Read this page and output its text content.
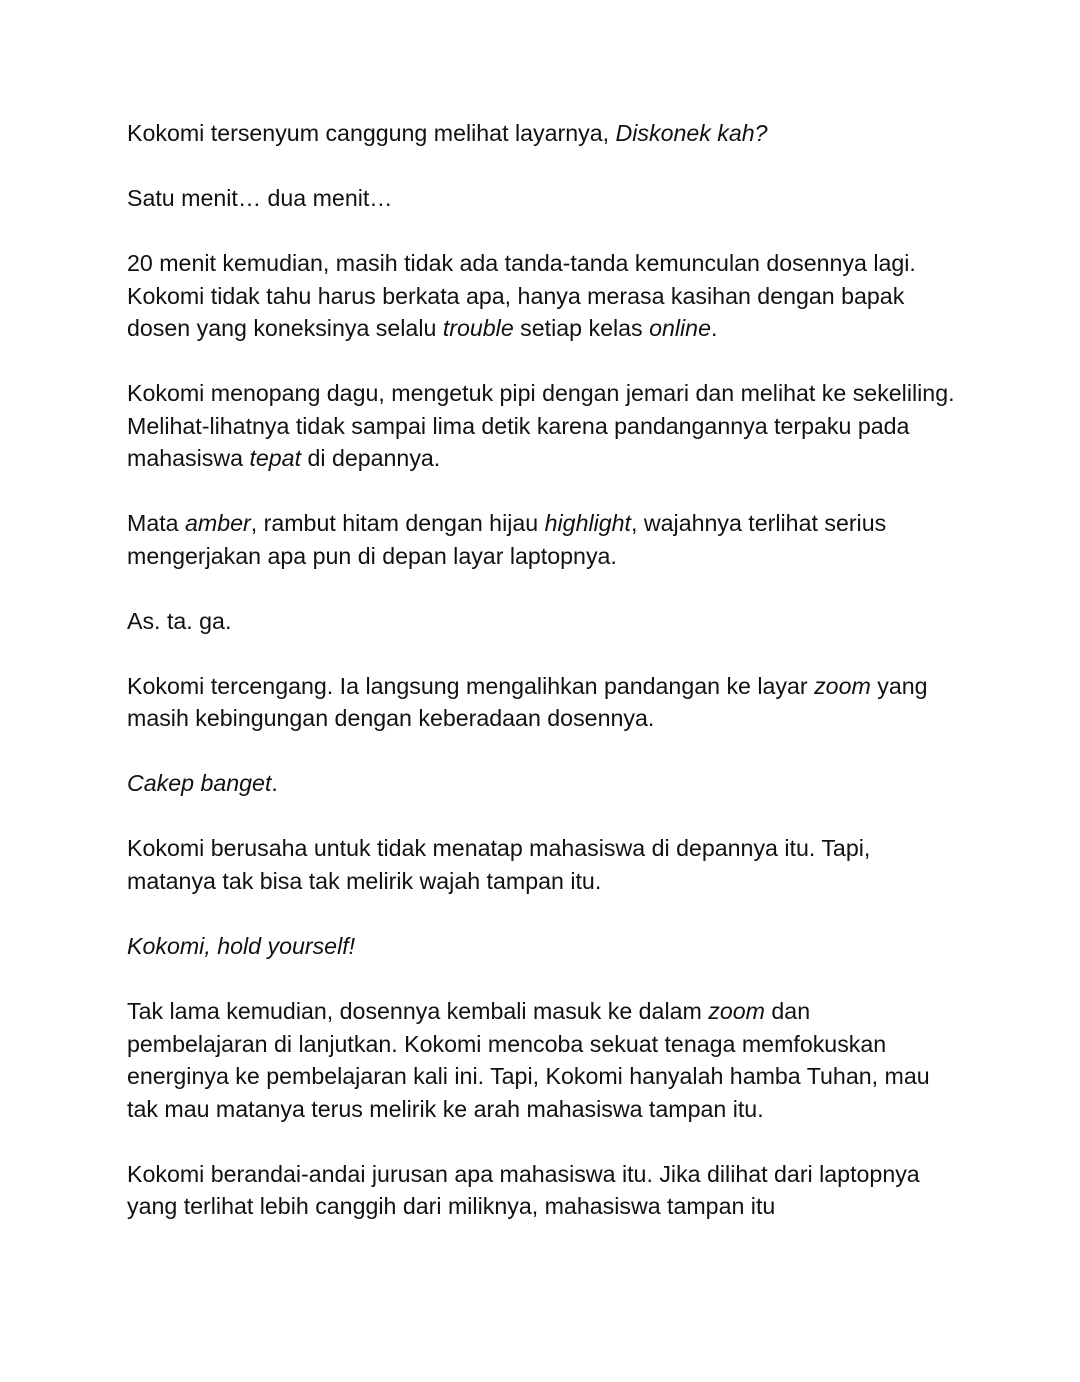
Kokomi tersenyum canggung melihat layarnya, Diskonek kah?

Satu menit… dua menit…

20 menit kemudian, masih tidak ada tanda-tanda kemunculan dosennya lagi. Kokomi tidak tahu harus berkata apa, hanya merasa kasihan dengan bapak dosen yang koneksinya selalu trouble setiap kelas online.

Kokomi menopang dagu, mengetuk pipi dengan jemari dan melihat ke sekeliling. Melihat-lihatnya tidak sampai lima detik karena pandangannya terpaku pada mahasiswa tepat di depannya.

Mata amber, rambut hitam dengan hijau highlight, wajahnya terlihat serius mengerjakan apa pun di depan layar laptopnya.

As. ta. ga.

Kokomi tercengang. Ia langsung mengalihkan pandangan ke layar zoom yang masih kebingungan dengan keberadaan dosennya.

Cakep banget.

Kokomi berusaha untuk tidak menatap mahasiswa di depannya itu. Tapi, matanya tak bisa tak melirik wajah tampan itu.

Kokomi, hold yourself!

Tak lama kemudian, dosennya kembali masuk ke dalam zoom dan pembelajaran di lanjutkan. Kokomi mencoba sekuat tenaga memfokuskan energinya ke pembelajaran kali ini. Tapi, Kokomi hanyalah hamba Tuhan, mau tak mau matanya terus melirik ke arah mahasiswa tampan itu.

Kokomi berandai-andai jurusan apa mahasiswa itu. Jika dilihat dari laptopnya yang terlihat lebih canggih dari miliknya, mahasiswa tampan itu
